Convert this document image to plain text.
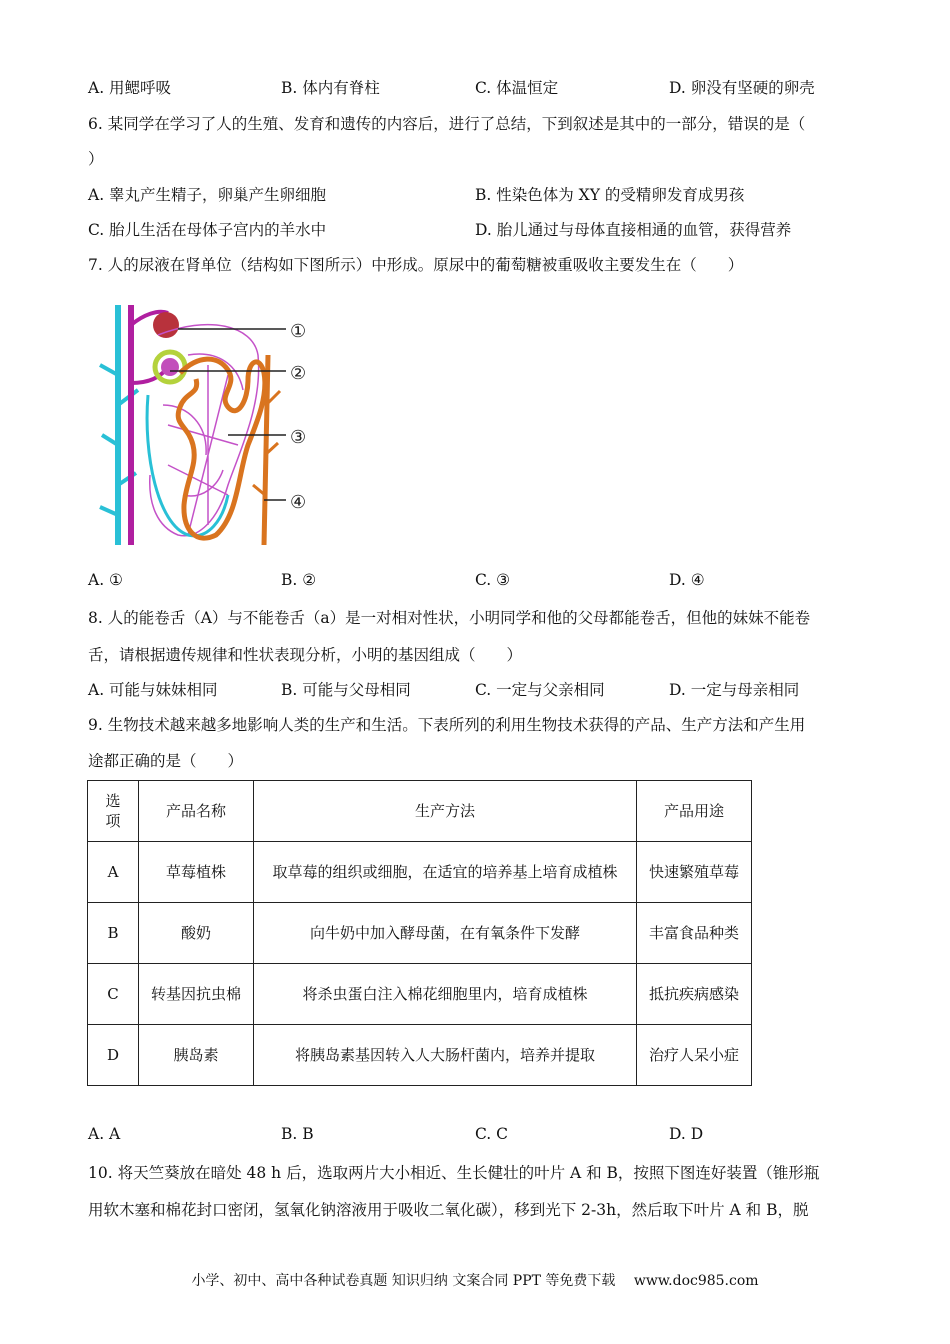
A. 用鳃呼吸	B. 体内有脊柱	C. 体温恒定	D. 卵没有坚硬的卵壳
6. 某同学在学习了人的生殖、发育和遗传的内容后，进行了总结，下到叙述是其中的一部分，错误的是（
）
A. 睾丸产生精子，卵巢产生卵细胞	B. 性染色体为 XY 的受精卵发育成男孩
C. 胎儿生活在母体子宫内的羊水中	D. 胎儿通过与母体直接相通的血管，获得营养
7. 人的尿液在肾单位（结构如下图所示）中形成。原尿中的葡萄糖被重吸收主要发生在（　　）
①
②
③
④
A. ①	B. ②	C. ③	D. ④
8. 人的能卷舌（A）与不能卷舌（a）是一对相对性状，小明同学和他的父母都能卷舌，但他的妹妹不能卷
舌，请根据遗传规律和性状表现分析，小明的基因组成（　　）
A. 可能与妹妹相同	B. 可能与父母相同	C. 一定与父亲相同	D. 一定与母亲相同
9. 生物技术越来越多地影响人类的生产和生活。下表所列的利用生物技术获得的产品、生产方法和产生用
途都正确的是（　　）
选项	产品名称	生产方法	产品用途
A	草莓植株	取草莓的组织或细胞，在适宜的培养基上培育成植株	快速繁殖草莓

B	酸奶	向牛奶中加入酵母菌，在有氧条件下发酵	丰富食品种类

C	转基因抗虫棉	将杀虫蛋白注入棉花细胞里内，培育成植株	抵抗疾病感染

D	胰岛素	将胰岛素基因转入人大肠杆菌内，培养并提取	治疗人呆小症
A. A	B. B	C. C	D. D
10. 将天竺葵放在暗处 48 h 后，选取两片大小相近、生长健壮的叶片 A 和 B，按照下图连好装置（锥形瓶
用软木塞和棉花封口密闭，氢氧化钠溶液用于吸收二氧化碳），移到光下 2-3h，然后取下叶片 A 和 B，脱
小学、初中、高中各种试卷真题 知识归纳 文案合同 PPT 等免费下载　 www.doc985.com
